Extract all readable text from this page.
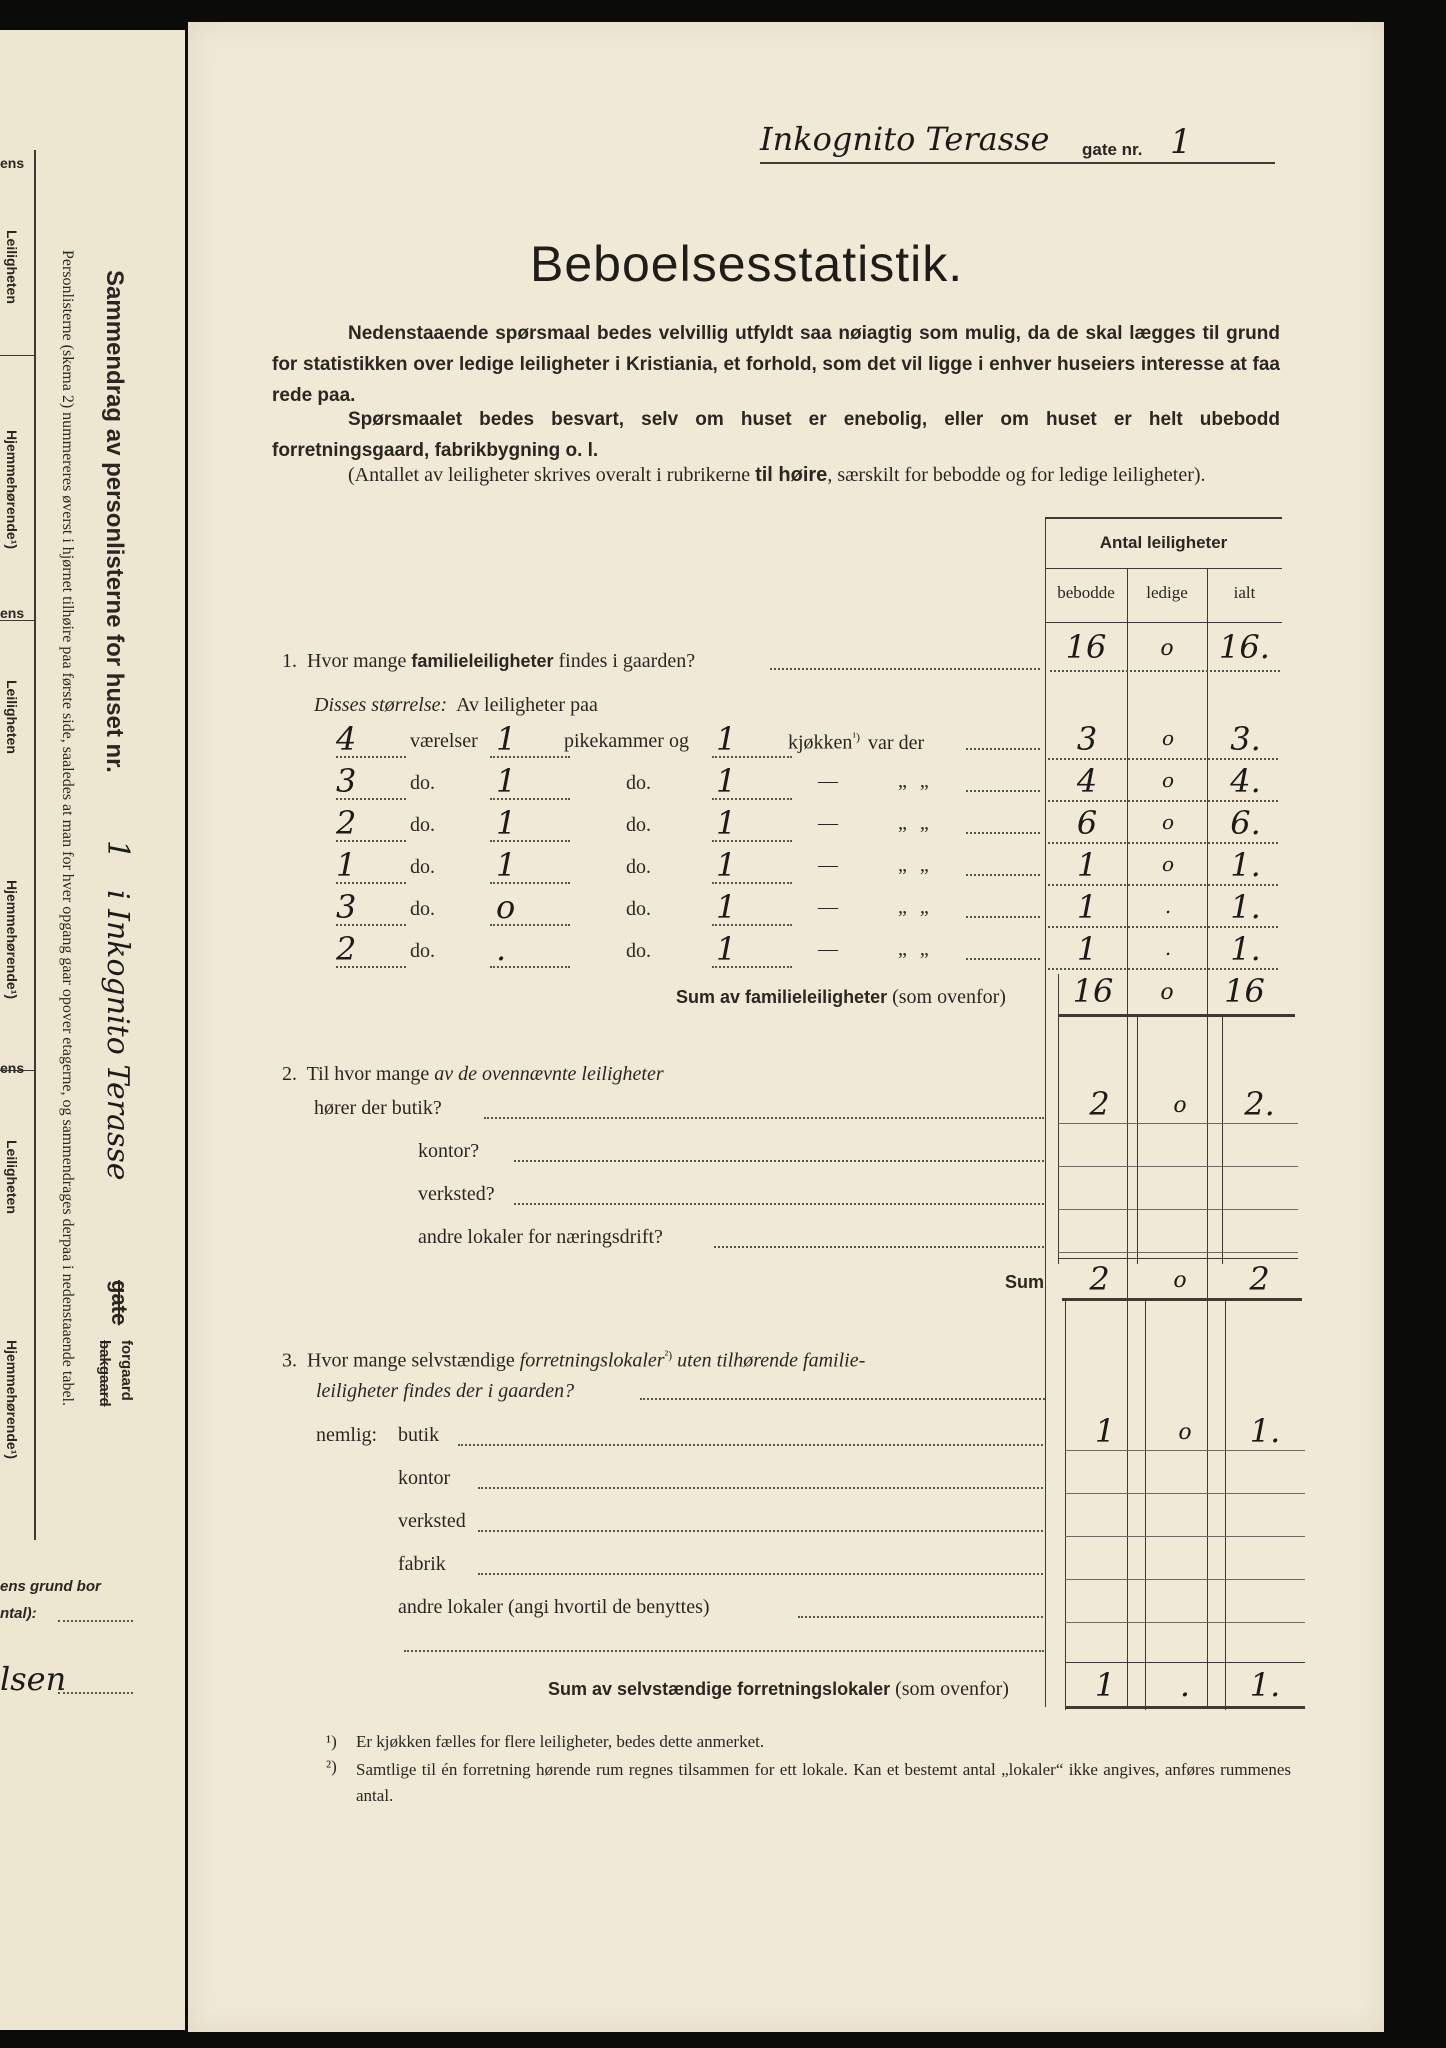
ens
Leiligheten
Hjemmehørende¹)
ens
Leiligheten
Hjemmehørende¹)
ens
Leiligheten
Hjemmehørende¹)
Sammendrag av personlisterne for huset nr.
1
i Inkognito Terasse
gate
forgaard
bakgaard
Personlisterne (skema 2) nummereres øverst i hjørnet tilhøire paa første side, saaledes at man for hver opgang gaar opover etagerne, og sammendrages derpaa i nedenstaaende tabel.
ens grund bor
ntal):
lsen
Inkognito Terasse gate nr. 1
Beboelsesstatistik.
Nedenstaaende spørsmaal bedes velvillig utfyldt saa nøiagtig som mulig, da de skal lægges til grund for statistikken over ledige leiligheter i Kristiania, et forhold, som det vil ligge i enhver huseiers interesse at faa rede paa.
Spørsmaalet bedes besvart, selv om huset er enebolig, eller om huset er helt ubebodd forretningsgaard, fabrikbygning o. l.
(Antallet av leiligheter skrives overalt i rubrikerne til høire, særskilt for bebodde og for ledige leiligheter).
Antal leiligheter
bebodde	ledige	ialt
1. Hvor mange familieleiligheter findes i gaarden?	16	o	16.
Disses størrelse: Av leiligheter paa
4	værelser 1	pikekammer og 1	kjøkken$^{^1)}$ var der	3	o	3.
3	do. 1	do. 1	—	„ „	4	o	4.
2	do. 1	do. 1	—	„ „	6	o	6.
1	do. 1	do. 1	—	„ „	1	o	1.
3	do. o	do. 1	—	„ „	1	.	1.
2	do. .	do. 1	—	„ „	1	.	1.
Sum av familieleiligheter (som ovenfor)	16	o	16
2. Til hvor mange av de ovennævnte leiligheter
hører der butik?	2	o	2.
kontor?
verksted?
andre lokaler for næringsdrift?
Sum	2	o	2
3. Hvor mange selvstændige forretningslokaler$^{^2)}$ uten tilhørende familie-
leiligheter findes der i gaarden?
nemlig: butik	1	o	1.
kontor
verksted
fabrik
andre lokaler (angi hvortil de benyttes)
Sum av selvstændige forretningslokaler (som ovenfor)	1	.	1.
¹) Er kjøkken fælles for flere leiligheter, bedes dette anmerket.
²) Samtlige til én forretning hørende rum regnes tilsammen for ett lokale. Kan et bestemt antal „lokaler“ ikke angives, anføres rummenes antal.
